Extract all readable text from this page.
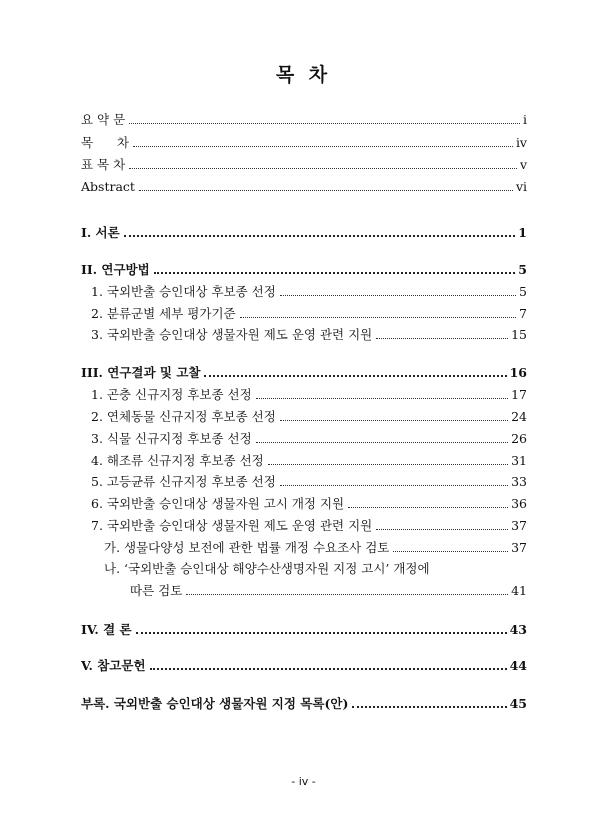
목 차
요 약 문	i
목      차	iv
표 목 차	v
Abstract	vi
I. 서론	1
II. 연구방법	5
1. 국외반출 승인대상 후보종 선정	5
2. 분류군별 세부 평가기준	7
3. 국외반출 승인대상 생물자원 제도 운영 관련 지원	15
III. 연구결과 및 고찰	16
1. 곤충 신규지정 후보종 선정	17
2. 연체동물 신규지정 후보종 선정	24
3. 식물 신규지정 후보종 선정	26
4. 해조류 신규지정 후보종 선정	31
5. 고등균류 신규지정 후보종 선정	33
6. 국외반출 승인대상 생물자원 고시 개정 지원	36
7. 국외반출 승인대상 생물자원 제도 운영 관련 지원	37
가. 생물다양성 보전에 관한 법률 개정 수요조사 검토	37
나. ‘국외반출 승인대상 해양수산생명자원 지정 고시’ 개정에
따른 검토	41
IV. 결 론	43
V. 참고문헌	44
부록. 국외반출 승인대상 생물자원 지정 목록(안)	45
- iv -
